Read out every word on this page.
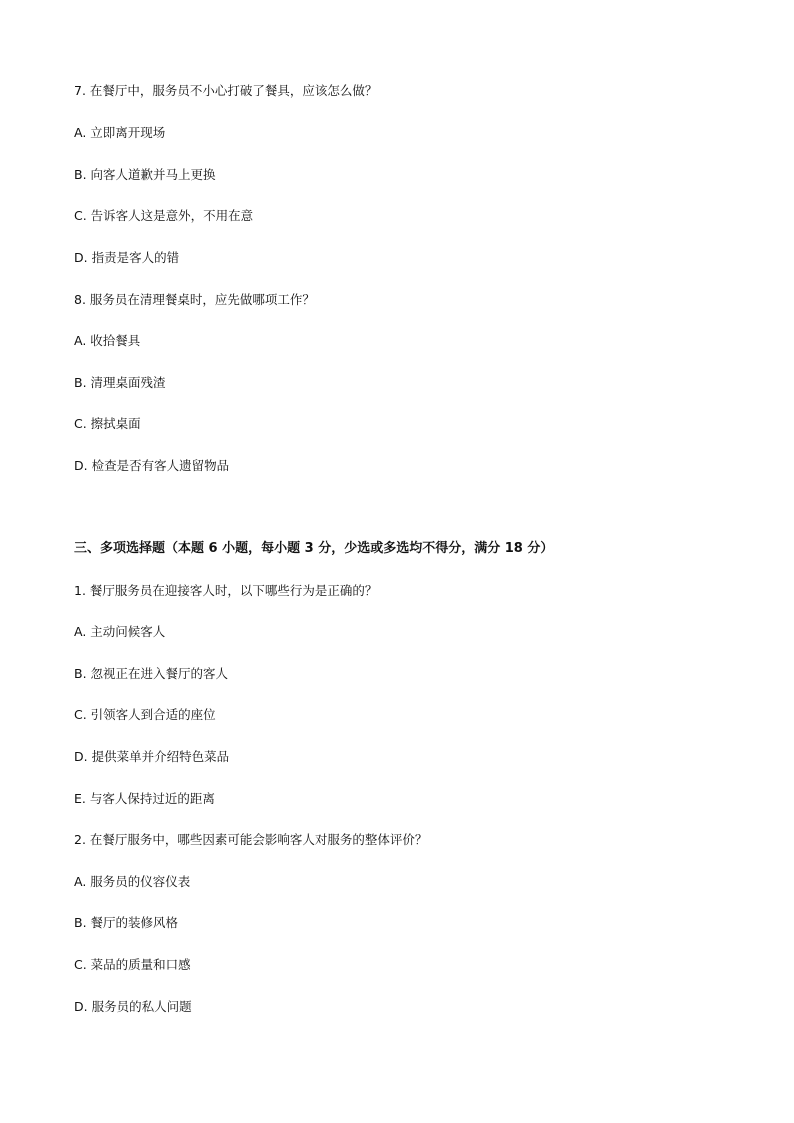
7. 在餐厅中，服务员不小心打破了餐具，应该怎么做？
A. 立即离开现场
B. 向客人道歉并马上更换
C. 告诉客人这是意外，不用在意
D. 指责是客人的错
8. 服务员在清理餐桌时，应先做哪项工作？
A. 收拾餐具
B. 清理桌面残渣
C. 擦拭桌面
D. 检查是否有客人遗留物品
三、多项选择题（本题 6 小题，每小题 3 分，少选或多选均不得分，满分 18 分）
1. 餐厅服务员在迎接客人时，以下哪些行为是正确的？
A. 主动问候客人
B. 忽视正在进入餐厅的客人
C. 引领客人到合适的座位
D. 提供菜单并介绍特色菜品
E. 与客人保持过近的距离
2. 在餐厅服务中，哪些因素可能会影响客人对服务的整体评价？
A. 服务员的仪容仪表
B. 餐厅的装修风格
C. 菜品的质量和口感
D. 服务员的私人问题
